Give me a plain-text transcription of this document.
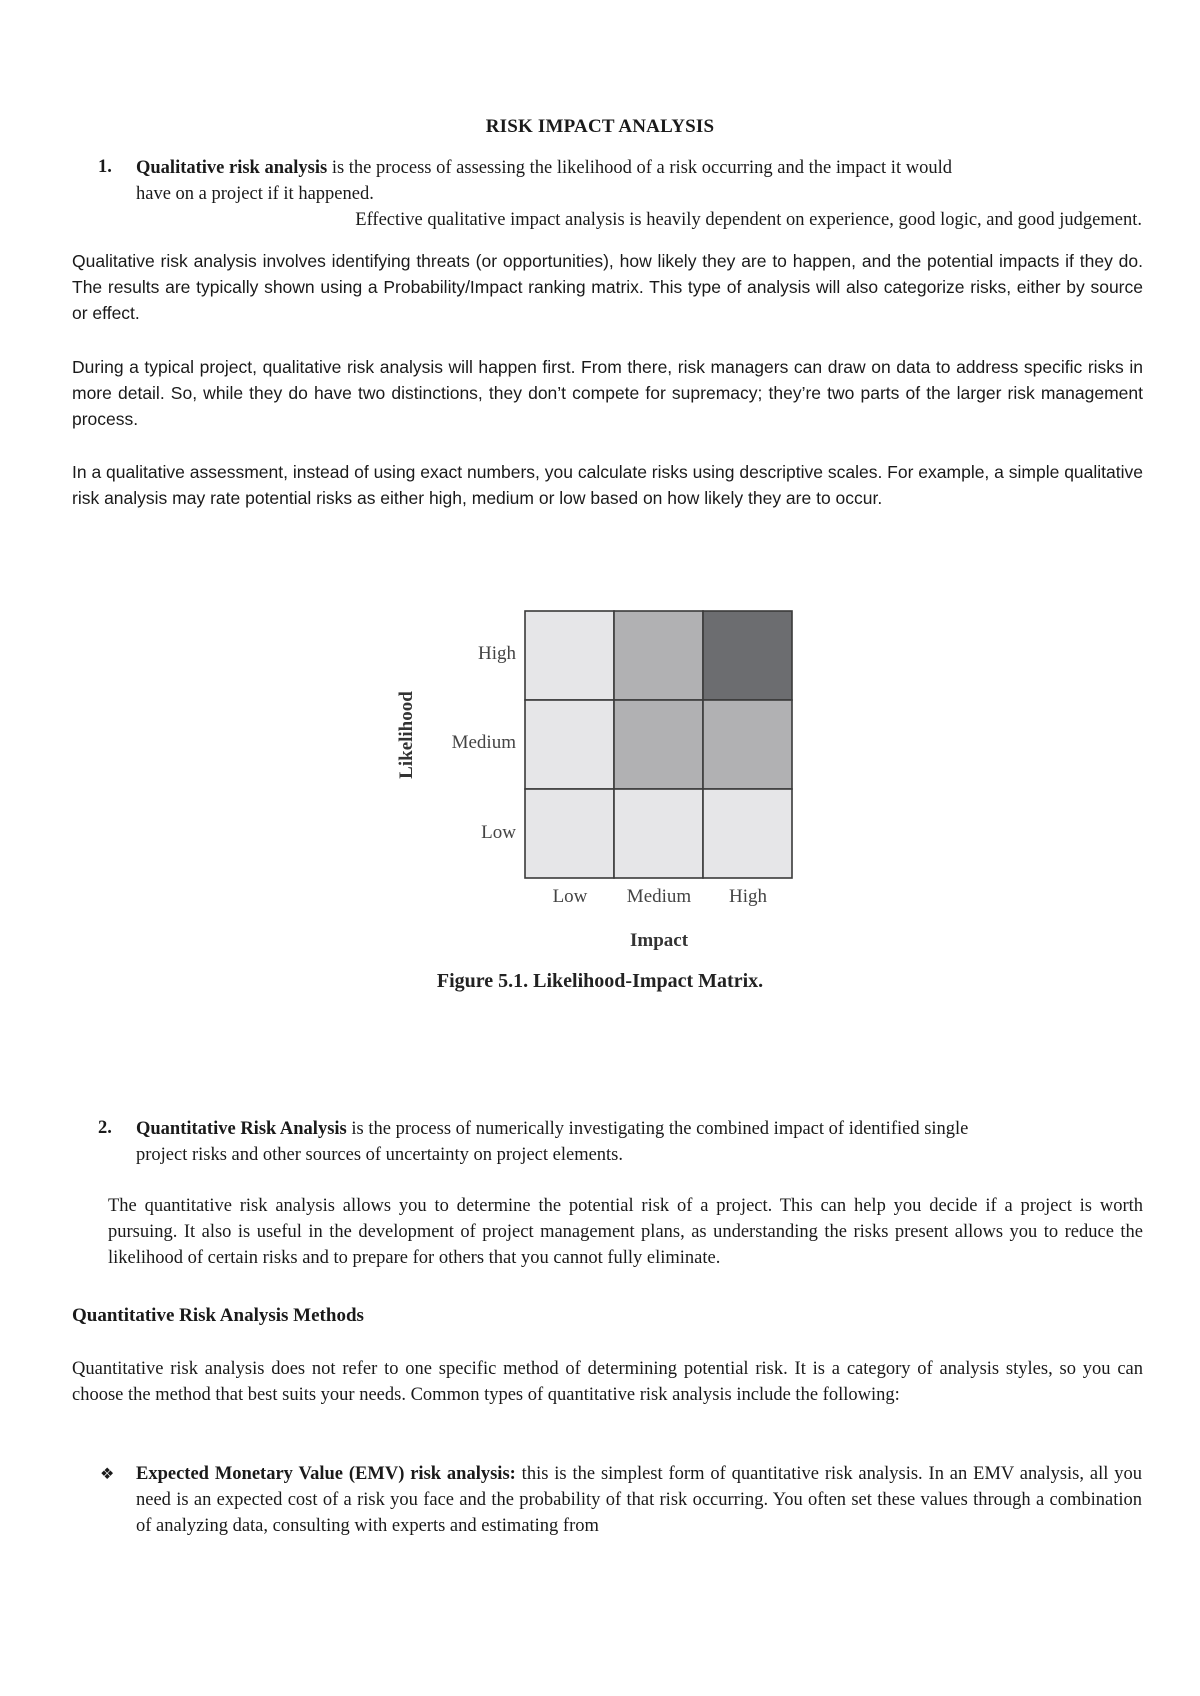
RISK IMPACT ANALYSIS
1. Qualitative risk analysis is the process of assessing the likelihood of a risk occurring and the impact it would
have on a project if it happened.
Effective qualitative impact analysis is heavily dependent on experience, good logic, and good judgement.
Qualitative risk analysis involves identifying threats (or opportunities), how likely they are to happen, and the potential impacts if they do. The results are typically shown using a Probability/Impact ranking matrix. This type of analysis will also categorize risks, either by source or effect.
During a typical project, qualitative risk analysis will happen first. From there, risk managers can draw on data to address specific risks in more detail. So, while they do have two distinctions, they don’t compete for supremacy; they’re two parts of the larger risk management process.
In a qualitative assessment, instead of using exact numbers, you calculate risks using descriptive scales. For example, a simple qualitative risk analysis may rate potential risks as either high, medium or low based on how likely they are to occur.
Likelihood
High
Medium
Low
Low Medium High
Impact
Figure 5.1. Likelihood-Impact Matrix.
2. Quantitative Risk Analysis is the process of numerically investigating the combined impact of identified single
project risks and other sources of uncertainty on project elements.
The quantitative risk analysis allows you to determine the potential risk of a project. This can help you decide if a project is worth pursuing. It also is useful in the development of project management plans, as understanding the risks present allows you to reduce the likelihood of certain risks and to prepare for others that you cannot fully eliminate.
Quantitative Risk Analysis Methods
Quantitative risk analysis does not refer to one specific method of determining potential risk. It is a category of analysis styles, so you can choose the method that best suits your needs. Common types of quantitative risk analysis include the following:
❖ Expected Monetary Value (EMV) risk analysis: this is the simplest form of quantitative risk analysis. In an EMV analysis, all you need is an expected cost of a risk you face and the probability of that risk occurring. You often set these values through a combination of analyzing data, consulting with experts and estimating from
